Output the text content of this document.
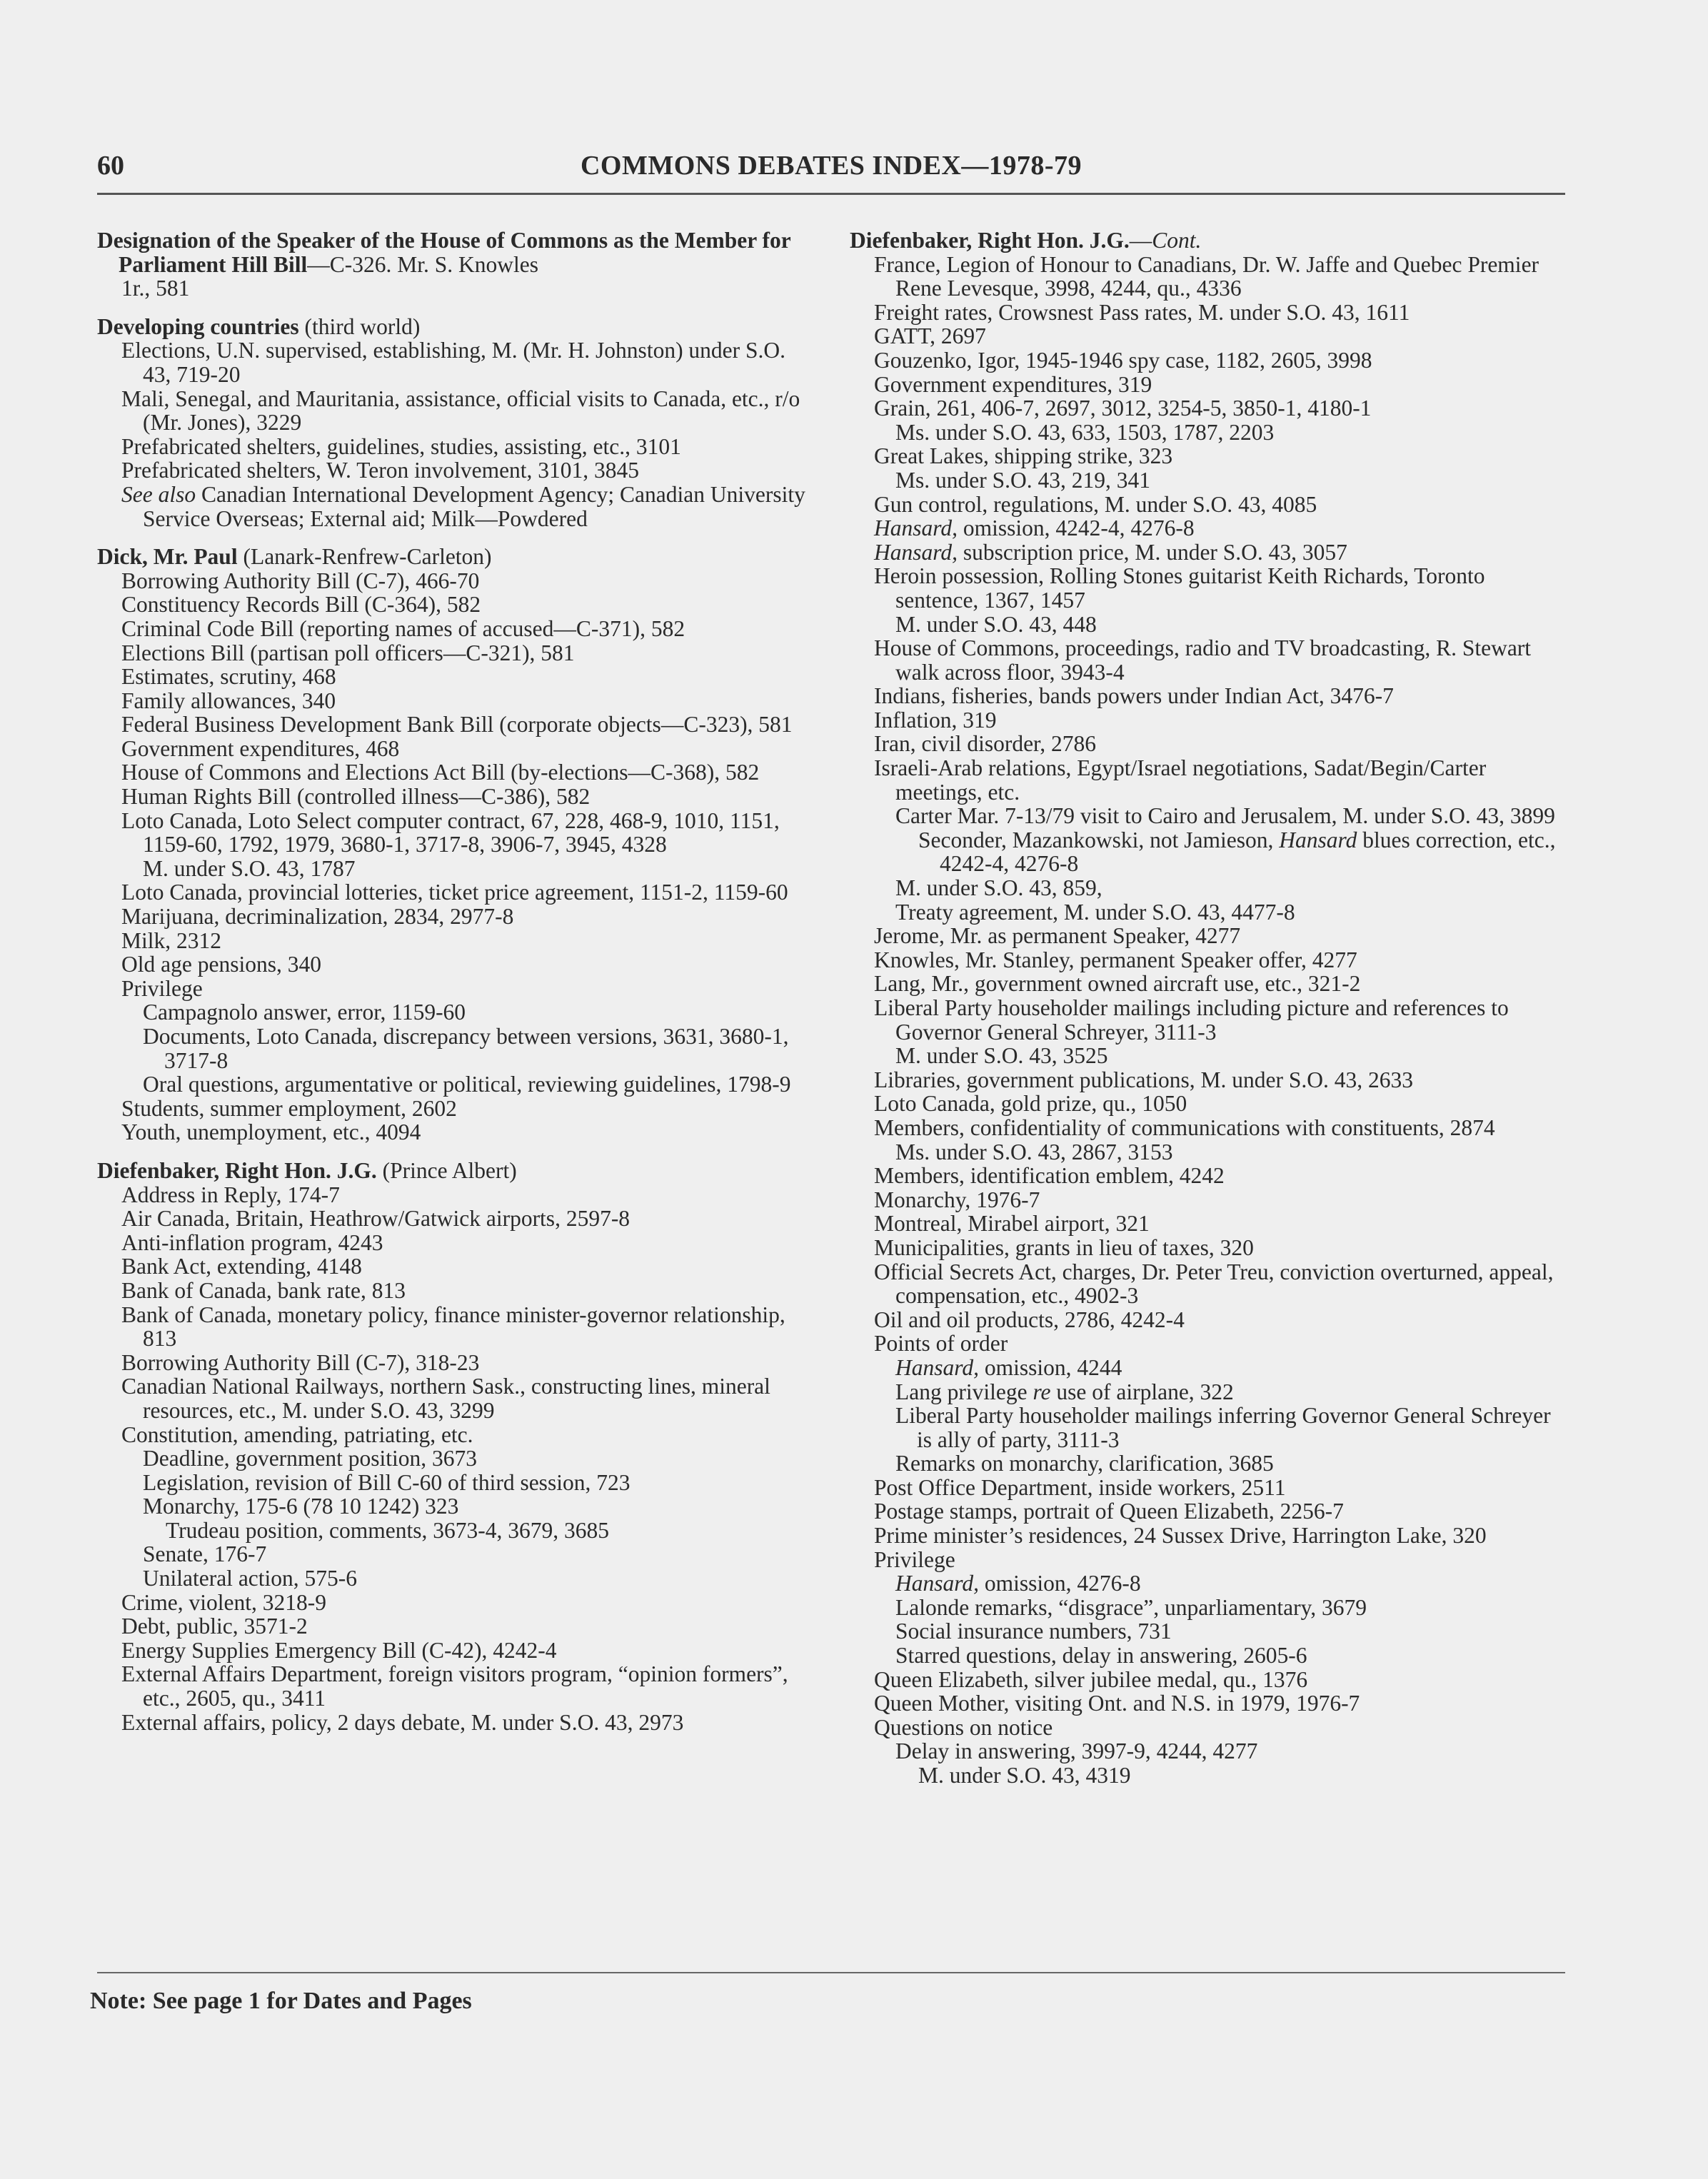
60	COMMONS DEBATES INDEX—1978-79

Designation of the Speaker of the House of Commons as the Member for Parliament Hill Bill—C-326. Mr. S. Knowles

1r., 581

Developing countries (third world)

Elections, U.N. supervised, establishing, M. (Mr. H. Johnston) under S.O. 43, 719-20

Mali, Senegal, and Mauritania, assistance, official visits to Canada, etc., r/o (Mr. Jones), 3229

Prefabricated shelters, guidelines, studies, assisting, etc., 3101

Prefabricated shelters, W. Teron involvement, 3101, 3845

See also Canadian International Development Agency; Canadian University Service Overseas; External aid; Milk—Powdered

Dick, Mr. Paul (Lanark-Renfrew-Carleton)

Borrowing Authority Bill (C-7), 466-70

Constituency Records Bill (C-364), 582

Criminal Code Bill (reporting names of accused—C-371), 582

Elections Bill (partisan poll officers—C-321), 581

Estimates, scrutiny, 468

Family allowances, 340

Federal Business Development Bank Bill (corporate objects—C-323), 581

Government expenditures, 468

House of Commons and Elections Act Bill (by-elections—C-368), 582

Human Rights Bill (controlled illness—C-386), 582

Loto Canada, Loto Select computer contract, 67, 228, 468-9, 1010, 1151, 1159-60, 1792, 1979, 3680-1, 3717-8, 3906-7, 3945, 4328

M. under S.O. 43, 1787

Loto Canada, provincial lotteries, ticket price agreement, 1151-2, 1159-60

Marijuana, decriminalization, 2834, 2977-8

Milk, 2312

Old age pensions, 340

Privilege

Campagnolo answer, error, 1159-60

Documents, Loto Canada, discrepancy between versions, 3631, 3680-1, 3717-8

Oral questions, argumentative or political, reviewing guidelines, 1798-9

Students, summer employment, 2602

Youth, unemployment, etc., 4094

Diefenbaker, Right Hon. J.G. (Prince Albert)

Address in Reply, 174-7

Air Canada, Britain, Heathrow/Gatwick airports, 2597-8

Anti-inflation program, 4243

Bank Act, extending, 4148

Bank of Canada, bank rate, 813

Bank of Canada, monetary policy, finance minister-governor relationship, 813

Borrowing Authority Bill (C-7), 318-23

Canadian National Railways, northern Sask., constructing lines, mineral resources, etc., M. under S.O. 43, 3299

Constitution, amending, patriating, etc.

Deadline, government position, 3673

Legislation, revision of Bill C-60 of third session, 723

Monarchy, 175-6 (78 10 1242) 323

Trudeau position, comments, 3673-4, 3679, 3685

Senate, 176-7

Unilateral action, 575-6

Crime, violent, 3218-9

Debt, public, 3571-2

Energy Supplies Emergency Bill (C-42), 4242-4

External Affairs Department, foreign visitors program, “opinion formers”, etc., 2605, qu., 3411

External affairs, policy, 2 days debate, M. under S.O. 43, 2973

Diefenbaker, Right Hon. J.G.—Cont.

France, Legion of Honour to Canadians, Dr. W. Jaffe and Quebec Premier Rene Levesque, 3998, 4244, qu., 4336

Freight rates, Crowsnest Pass rates, M. under S.O. 43, 1611

GATT, 2697

Gouzenko, Igor, 1945-1946 spy case, 1182, 2605, 3998

Government expenditures, 319

Grain, 261, 406-7, 2697, 3012, 3254-5, 3850-1, 4180-1

Ms. under S.O. 43, 633, 1503, 1787, 2203

Great Lakes, shipping strike, 323

Ms. under S.O. 43, 219, 341

Gun control, regulations, M. under S.O. 43, 4085

Hansard, omission, 4242-4, 4276-8

Hansard, subscription price, M. under S.O. 43, 3057

Heroin possession, Rolling Stones guitarist Keith Richards, Toronto sentence, 1367, 1457

M. under S.O. 43, 448

House of Commons, proceedings, radio and TV broadcasting, R. Stewart walk across floor, 3943-4

Indians, fisheries, bands powers under Indian Act, 3476-7

Inflation, 319

Iran, civil disorder, 2786

Israeli-Arab relations, Egypt/Israel negotiations, Sadat/Begin/Carter meetings, etc.

Carter Mar. 7-13/79 visit to Cairo and Jerusalem, M. under S.O. 43, 3899

Seconder, Mazankowski, not Jamieson, Hansard blues correction, etc., 4242-4, 4276-8

M. under S.O. 43, 859,

Treaty agreement, M. under S.O. 43, 4477-8

Jerome, Mr. as permanent Speaker, 4277

Knowles, Mr. Stanley, permanent Speaker offer, 4277

Lang, Mr., government owned aircraft use, etc., 321-2

Liberal Party householder mailings including picture and references to Governor General Schreyer, 3111-3

M. under S.O. 43, 3525

Libraries, government publications, M. under S.O. 43, 2633

Loto Canada, gold prize, qu., 1050

Members, confidentiality of communications with constituents, 2874

Ms. under S.O. 43, 2867, 3153

Members, identification emblem, 4242

Monarchy, 1976-7

Montreal, Mirabel airport, 321

Municipalities, grants in lieu of taxes, 320

Official Secrets Act, charges, Dr. Peter Treu, conviction overturned, appeal, compensation, etc., 4902-3

Oil and oil products, 2786, 4242-4

Points of order

Hansard, omission, 4244

Lang privilege re use of airplane, 322

Liberal Party householder mailings inferring Governor General Schreyer is ally of party, 3111-3

Remarks on monarchy, clarification, 3685

Post Office Department, inside workers, 2511

Postage stamps, portrait of Queen Elizabeth, 2256-7

Prime minister’s residences, 24 Sussex Drive, Harrington Lake, 320

Privilege

Hansard, omission, 4276-8

Lalonde remarks, “disgrace”, unparliamentary, 3679

Social insurance numbers, 731

Starred questions, delay in answering, 2605-6

Queen Elizabeth, silver jubilee medal, qu., 1376

Queen Mother, visiting Ont. and N.S. in 1979, 1976-7

Questions on notice

Delay in answering, 3997-9, 4244, 4277

M. under S.O. 43, 4319

Note: See page 1 for Dates and Pages
